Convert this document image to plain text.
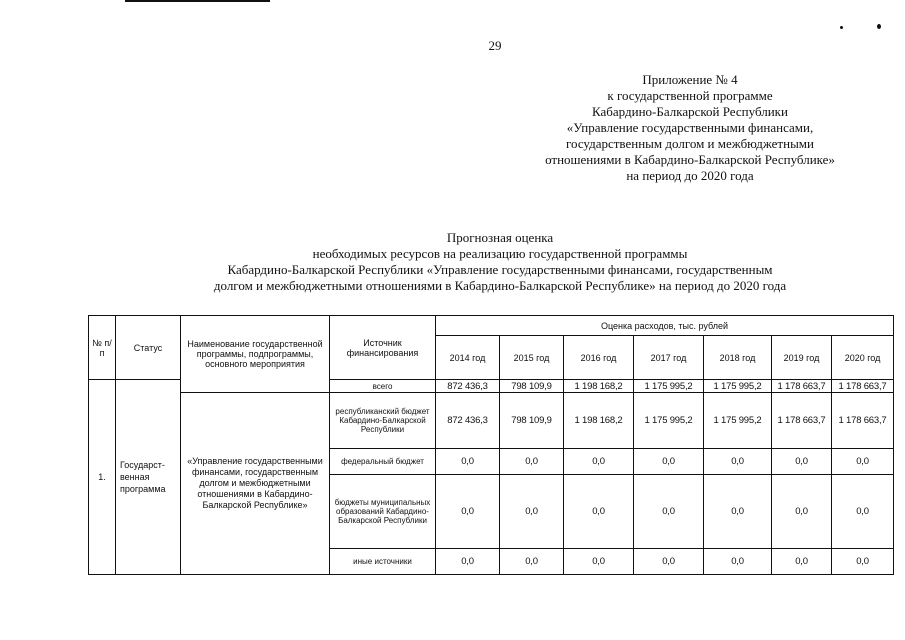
29
Приложение № 4
к государственной программе
Кабардино-Балкарской Республики
«Управление государственными финансами,
государственным долгом и межбюджетными
отношениями в Кабардино-Балкарской Республике»
на период до 2020 года
Прогнозная оценка
необходимых ресурсов на реализацию государственной программы
Кабардино-Балкарской Республики «Управление государственными финансами, государственным
долгом и межбюджетными отношениями в Кабардино-Балкарской Республике» на период до 2020 года
№ п/п	Статус	Наименование государственной программы, подпрограммы, основного мероприятия	Источник финансирования	Оценка расходов, тыс. рублей						
				2014 год	2015 год	2016 год	2017 год	2018 год	2019 год	2020 год
1.	Государст-венная программа		всего	872 436,3	798 109,9	1 198 168,2	1 175 995,2	1 175 995,2	1 178 663,7	1 178 663,7
		«Управление государственными финансами, государственным долгом и межбюджетными отношениями в Кабардино-Балкарской Республике»	республиканский бюджет Кабардино-Балкарской Республики	872 436,3	798 109,9	1 198 168,2	1 175 995,2	1 175 995,2	1 178 663,7	1 178 663,7
			федеральный бюджет	0,0	0,0	0,0	0,0	0,0	0,0	0,0
			бюджеты муниципальных образований Кабардино-Балкарской Республики	0,0	0,0	0,0	0,0	0,0	0,0	0,0
			иные источники	0,0	0,0	0,0	0,0	0,0	0,0	0,0
